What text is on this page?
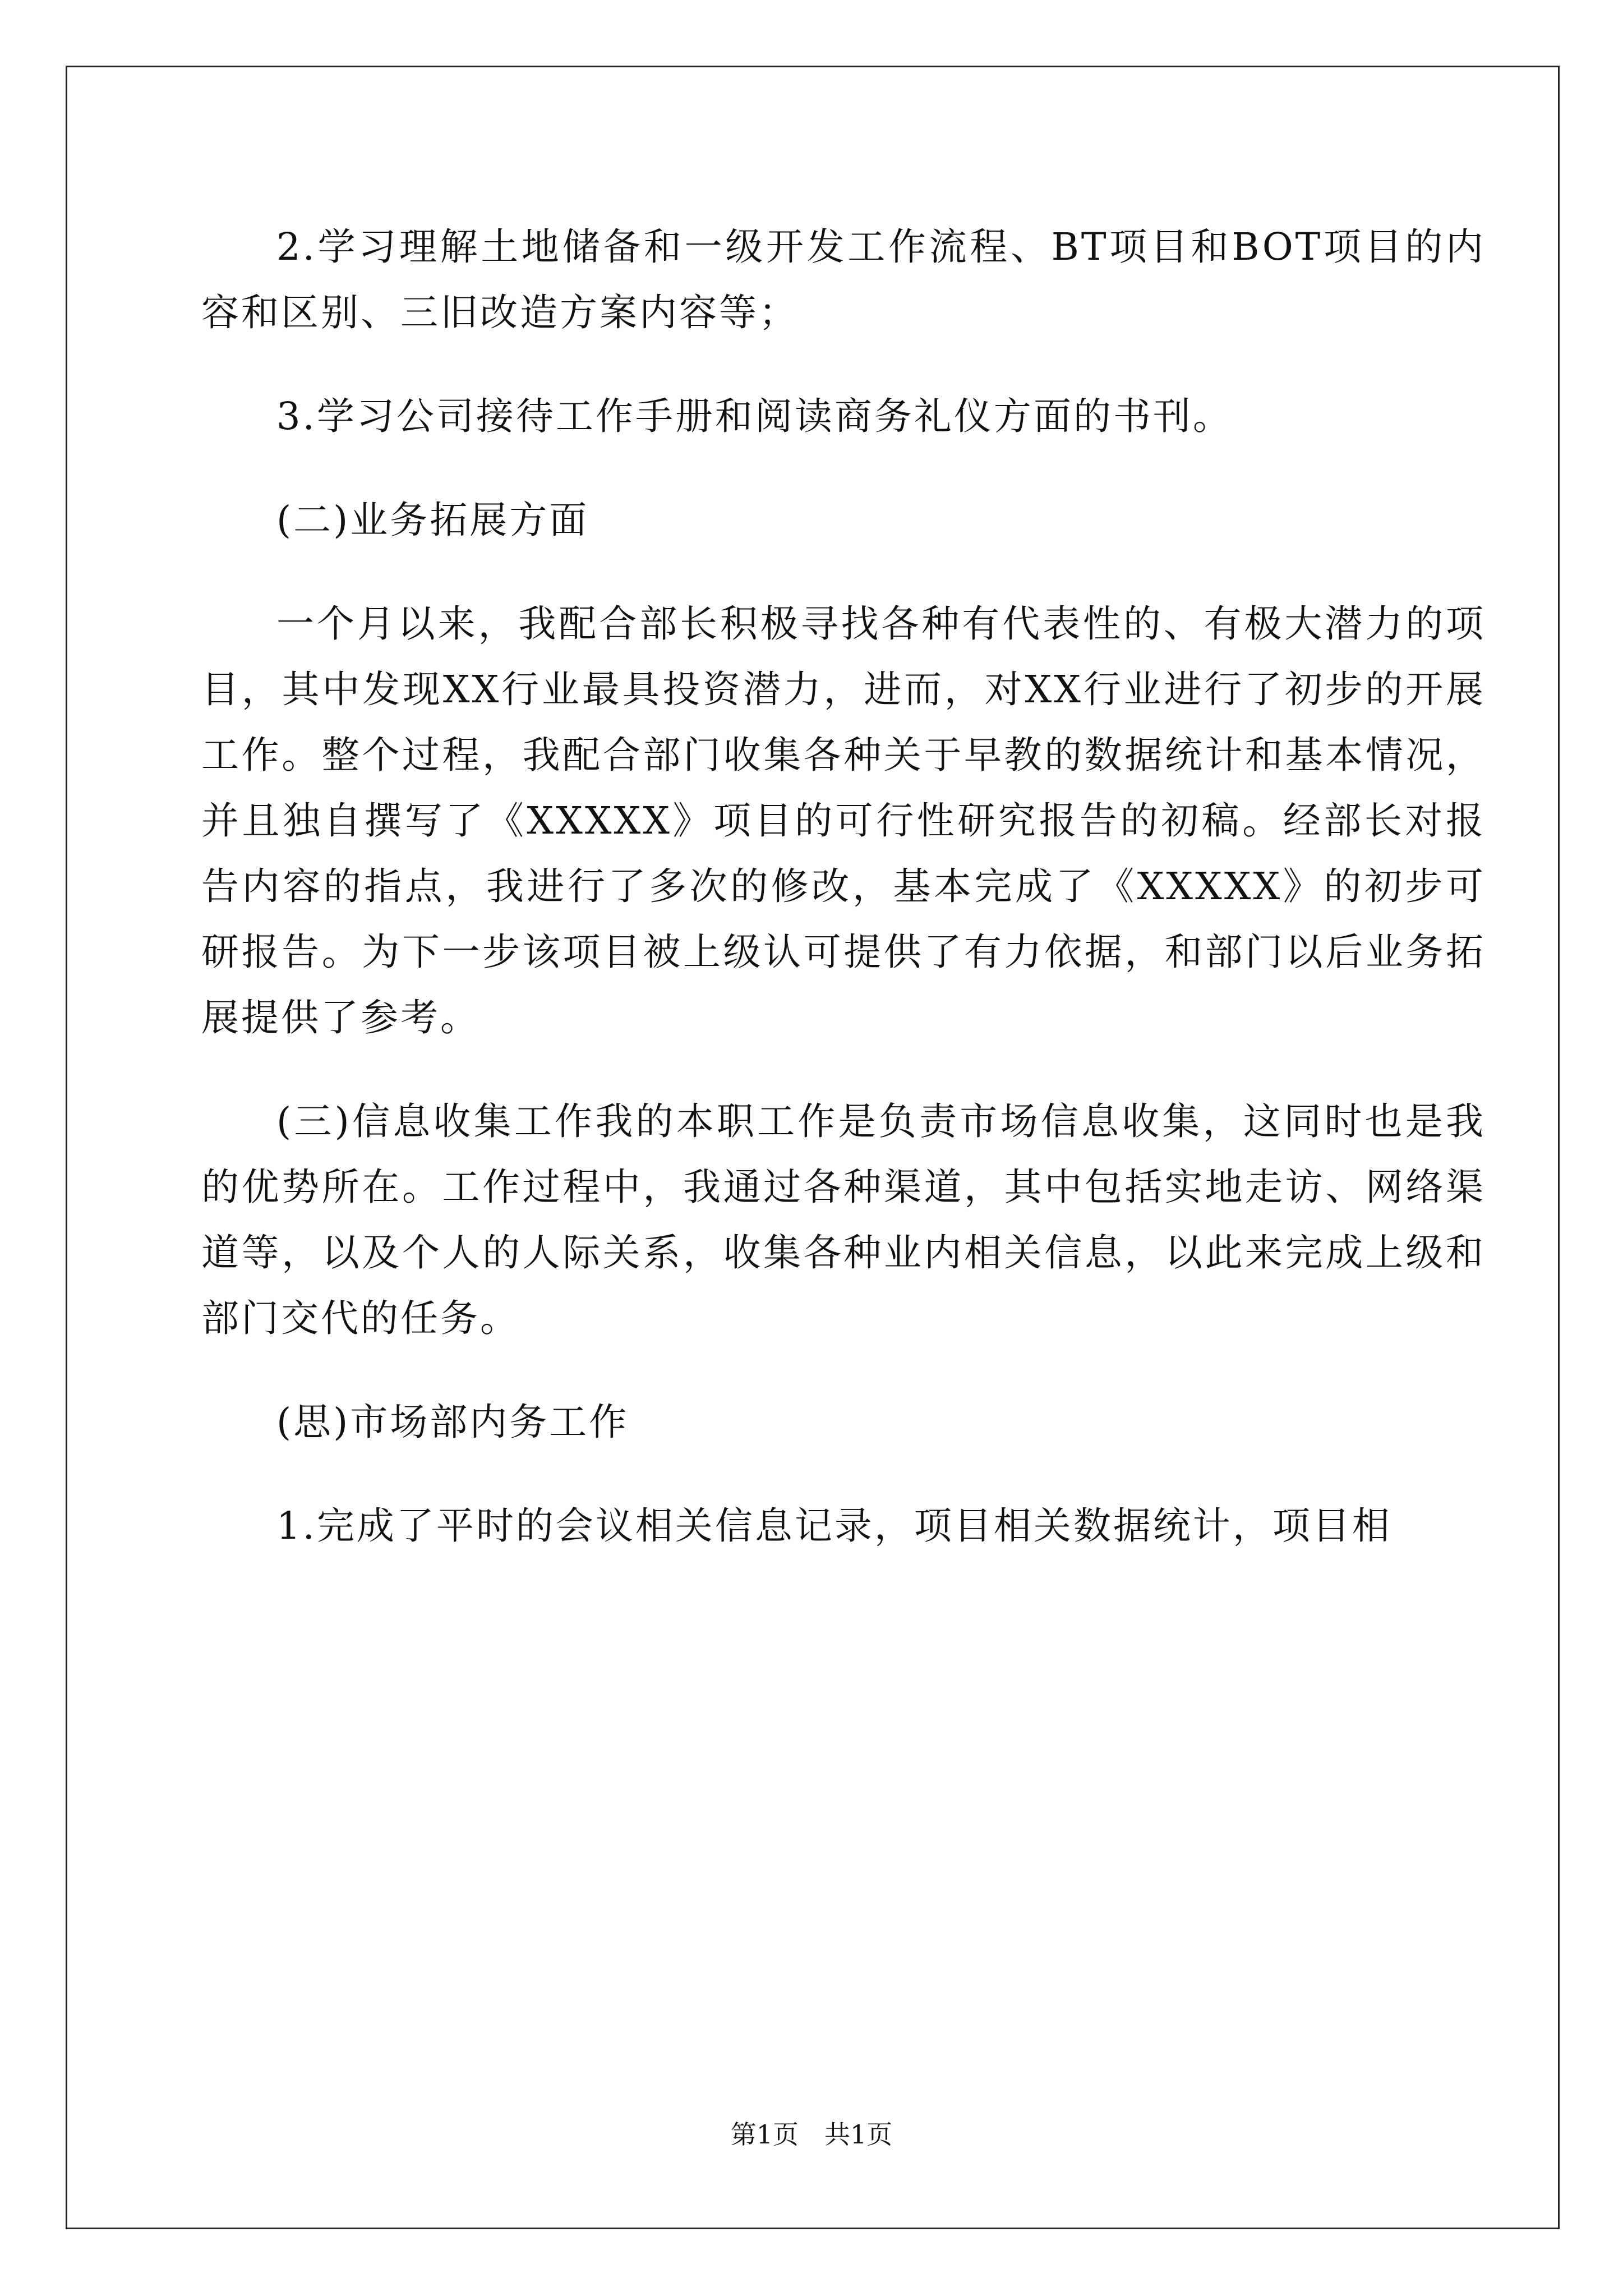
2.学习理解土地储备和一级开发工作流程、BT项目和BOT项目的内容和区别、三旧改造方案内容等；

3.学习公司接待工作手册和阅读商务礼仪方面的书刊。

(二)业务拓展方面

一个月以来，我配合部长积极寻找各种有代表性的、有极大潜力的项目，其中发现XX行业最具投资潜力，进而，对XX行业进行了初步的开展工作。整个过程，我配合部门收集各种关于早教的数据统计和基本情况，并且独自撰写了《XXXXX》项目的可行性研究报告的初稿。经部长对报告内容的指点，我进行了多次的修改，基本完成了《XXXXX》的初步可研报告。为下一步该项目被上级认可提供了有力依据，和部门以后业务拓展提供了参考。

(三)信息收集工作我的本职工作是负责市场信息收集，这同时也是我的优势所在。工作过程中，我通过各种渠道，其中包括实地走访、网络渠道等，以及个人的人际关系，收集各种业内相关信息，以此来完成上级和部门交代的任务。

(思)市场部内务工作

1.完成了平时的会议相关信息记录，项目相关数据统计，项目相

第1页　共1页
